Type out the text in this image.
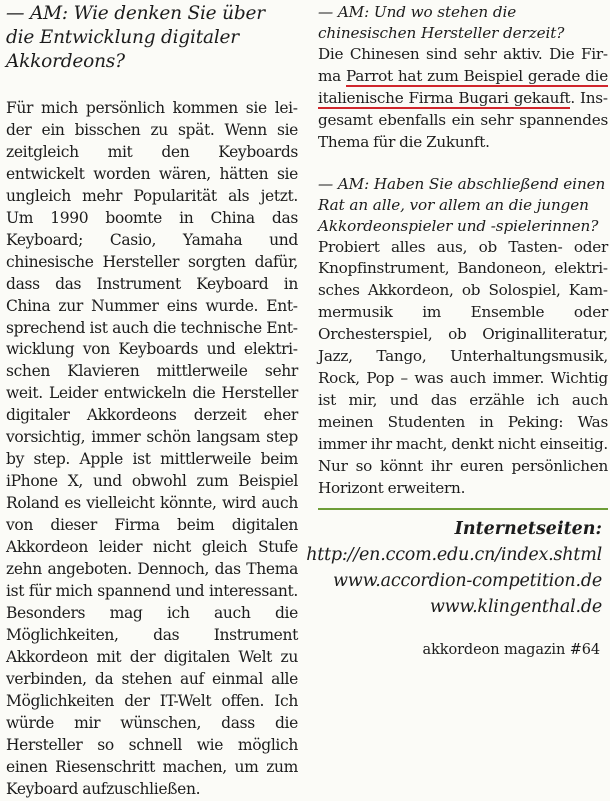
— AM: Wie denken Sie über die Entwicklung digitaler Akkordeons?

Für mich persönlich kommen sie leider ein bisschen zu spät. Wenn sie zeitgleich mit den Keyboards entwickelt worden wären, hätten sie ungleich mehr Popularität als jetzt. Um 1990 boomte in China das Keyboard; Casio, Yamaha und chinesische Hersteller sorgten dafür, dass das Instrument Keyboard in China zur Nummer eins wurde. Entsprechend ist auch die technische Entwicklung von Keyboards und elektrischen Klavieren mittlerweile sehr weit. Leider entwickeln die Hersteller digitaler Akkordeons derzeit eher vorsichtig, immer schön langsam step by step. Apple ist mittlerweile beim iPhone X, und obwohl zum Beispiel Roland es vielleicht könnte, wird auch von dieser Firma beim digitalen Akkordeon leider nicht gleich Stufe zehn angeboten. Dennoch, das Thema ist für mich spannend und interessant. Besonders mag ich auch die Möglichkeiten, das Instrument Akkordeon mit der digitalen Welt zu verbinden, da stehen auf einmal alle Möglichkeiten der IT-Welt offen. Ich würde mir wünschen, dass die Hersteller so schnell wie möglich einen Riesenschritt machen, um zum Keyboard aufzuschließen.

— AM: Und wo stehen die chinesischen Hersteller derzeit?

Die Chinesen sind sehr aktiv. Die Firma Parrot hat zum Beispiel gerade die italienische Firma Bugari gekauft. Insgesamt ebenfalls ein sehr spannendes Thema für die Zukunft.

— AM: Haben Sie abschließend einen Rat an alle, vor allem an die jungen Akkordeonspieler und -spielerinnen?

Probiert alles aus, ob Tasten- oder Knopfinstrument, Bandoneon, elektrisches Akkordeon, ob Solospiel, Kammermusik im Ensemble oder Orchesterspiel, ob Originalliteratur, Jazz, Tango, Unterhaltungsmusik, Rock, Pop – was auch immer. Wichtig ist mir, und das erzähle ich auch meinen Studenten in Peking: Was immer ihr macht, denkt nicht einseitig. Nur so könnt ihr euren persönlichen Horizont erweitern.

Internetseiten:
http://en.ccom.edu.cn/index.shtml
www.accordion-competition.de
www.klingenthal.de
akkordeon magazin #64
